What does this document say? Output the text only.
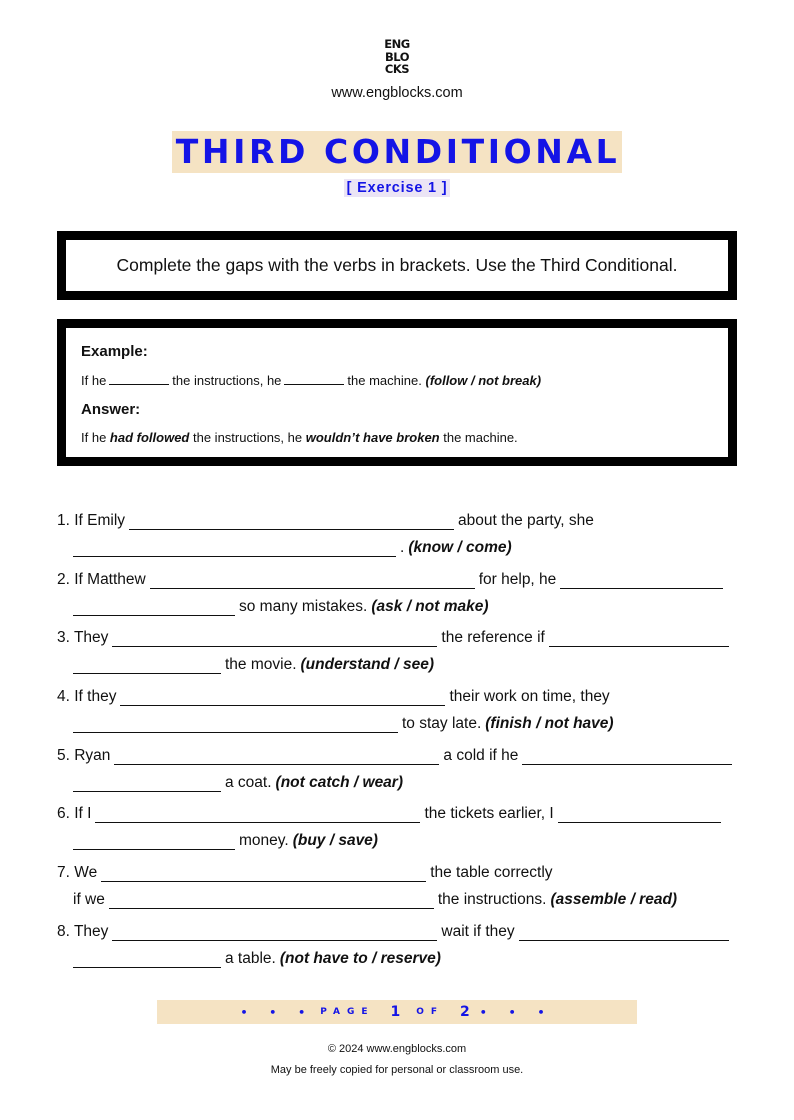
ENG
BLO
CKS
www.engblocks.com
THIRD CONDITIONAL
[ Exercise 1 ]
Complete the gaps with the verbs in brackets. Use the Third Conditional.
Example:
If he	the instructions, he	the machine. (follow / not break)
Answer:
If he had followed the instructions, he wouldn’t have broken the machine.
1. If Emily	about the party, she
. (know / come)
2. If Matthew	for help, he
so many mistakes. (ask / not make)
3. They	the reference if
the movie. (understand / see)
4. If they	their work on time, they
to stay late. (finish / not have)
5. Ryan	a cold if he
a coat. (not catch / wear)
6. If I	the tickets earlier, I
money. (buy / save)
7. We	the table correctly
if we	the instructions. (assemble / read)
8. They	wait if they
a table. (not have to / reserve)
• • • PAGE 1 OF 2 • • •
© 2024 www.engblocks.com
May be freely copied for personal or classroom use.
